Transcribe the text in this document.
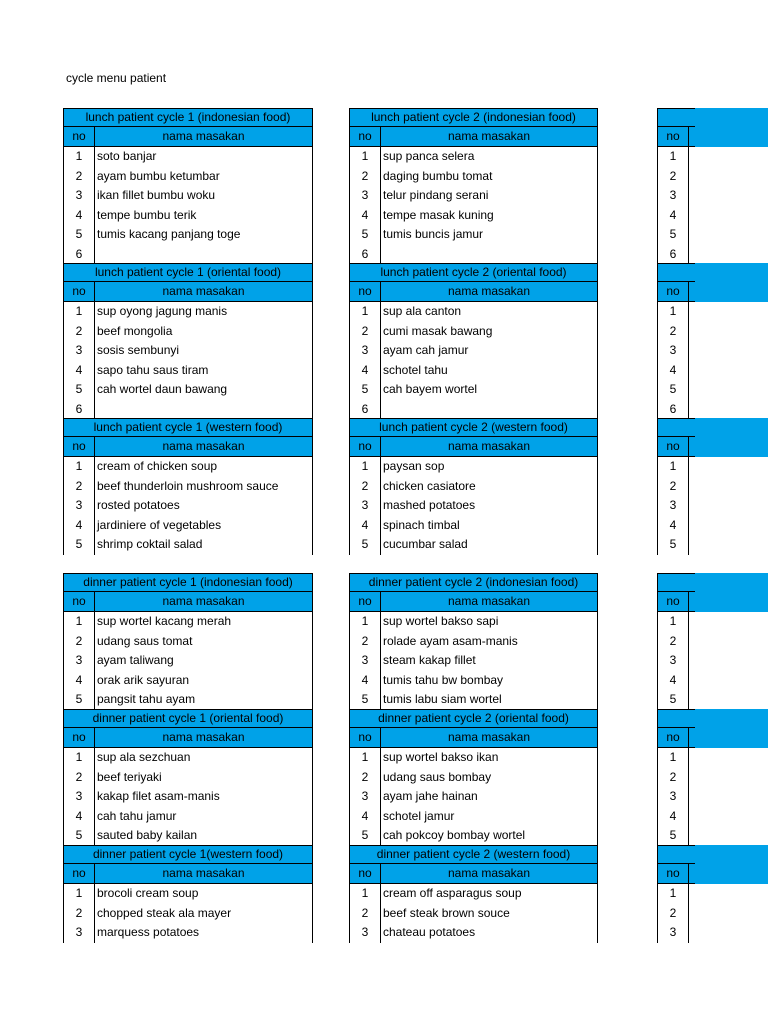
cycle menu patient
lunch patient cycle 1 (indonesian food)
no	nama masakan
1	soto banjar
2	ayam bumbu ketumbar
3	ikan fillet bumbu woku
4	tempe bumbu terik
5	tumis kacang panjang toge
6
lunch patient cycle 1 (oriental food)
no	nama masakan
1	sup oyong jagung manis
2	beef mongolia
3	sosis sembunyi
4	sapo tahu saus tiram
5	cah wortel daun bawang
6
lunch patient cycle 1 (western food)
no	nama masakan
1	cream of chicken soup
2	beef thunderloin mushroom sauce
3	rosted potatoes
4	jardiniere of vegetables
5	shrimp coktail salad
dinner patient cycle 1 (indonesian food)
no	nama masakan
1	sup wortel kacang merah
2	udang saus tomat
3	ayam taliwang
4	orak arik sayuran
5	pangsit tahu ayam
dinner patient cycle 1 (oriental food)
no	nama masakan
1	sup ala sezchuan
2	beef teriyaki
3	kakap filet asam-manis
4	cah tahu jamur
5	sauted baby kailan
dinner patient cycle 1(western food)
no	nama masakan
1	brocoli cream soup
2	chopped steak ala mayer
3	marquess potatoes
lunch patient cycle 2 (indonesian food)
no	nama masakan
1	sup panca selera
2	daging bumbu tomat
3	telur pindang serani
4	tempe masak kuning
5	tumis buncis jamur
6
lunch patient cycle 2 (oriental food)
no	nama masakan
1	sup ala canton
2	cumi masak bawang
3	ayam cah jamur
4	schotel tahu
5	cah bayem wortel
6
lunch patient cycle 2 (western food)
no	nama masakan
1	paysan sop
2	chicken casiatore
3	mashed potatoes
4	spinach timbal
5	cucumbar salad
dinner patient cycle 2 (indonesian food)
no	nama masakan
1	sup wortel bakso sapi
2	rolade ayam asam-manis
3	steam kakap fillet
4	tumis tahu bw bombay
5	tumis labu siam wortel
dinner patient cycle 2 (oriental food)
no	nama masakan
1	sup wortel bakso ikan
2	udang saus bombay
3	ayam jahe hainan
4	schotel jamur
5	cah pokcoy bombay wortel
dinner patient cycle 2 (western food)
no	nama masakan
1	cream off asparagus soup
2	beef steak brown souce
3	chateau potatoes
no
1
2
3
4
5
6
no
1
2
3
4
5
6
no
1
2
3
4
5
no
1
2
3
4
5
no
1
2
3
4
5
no
1
2
3
